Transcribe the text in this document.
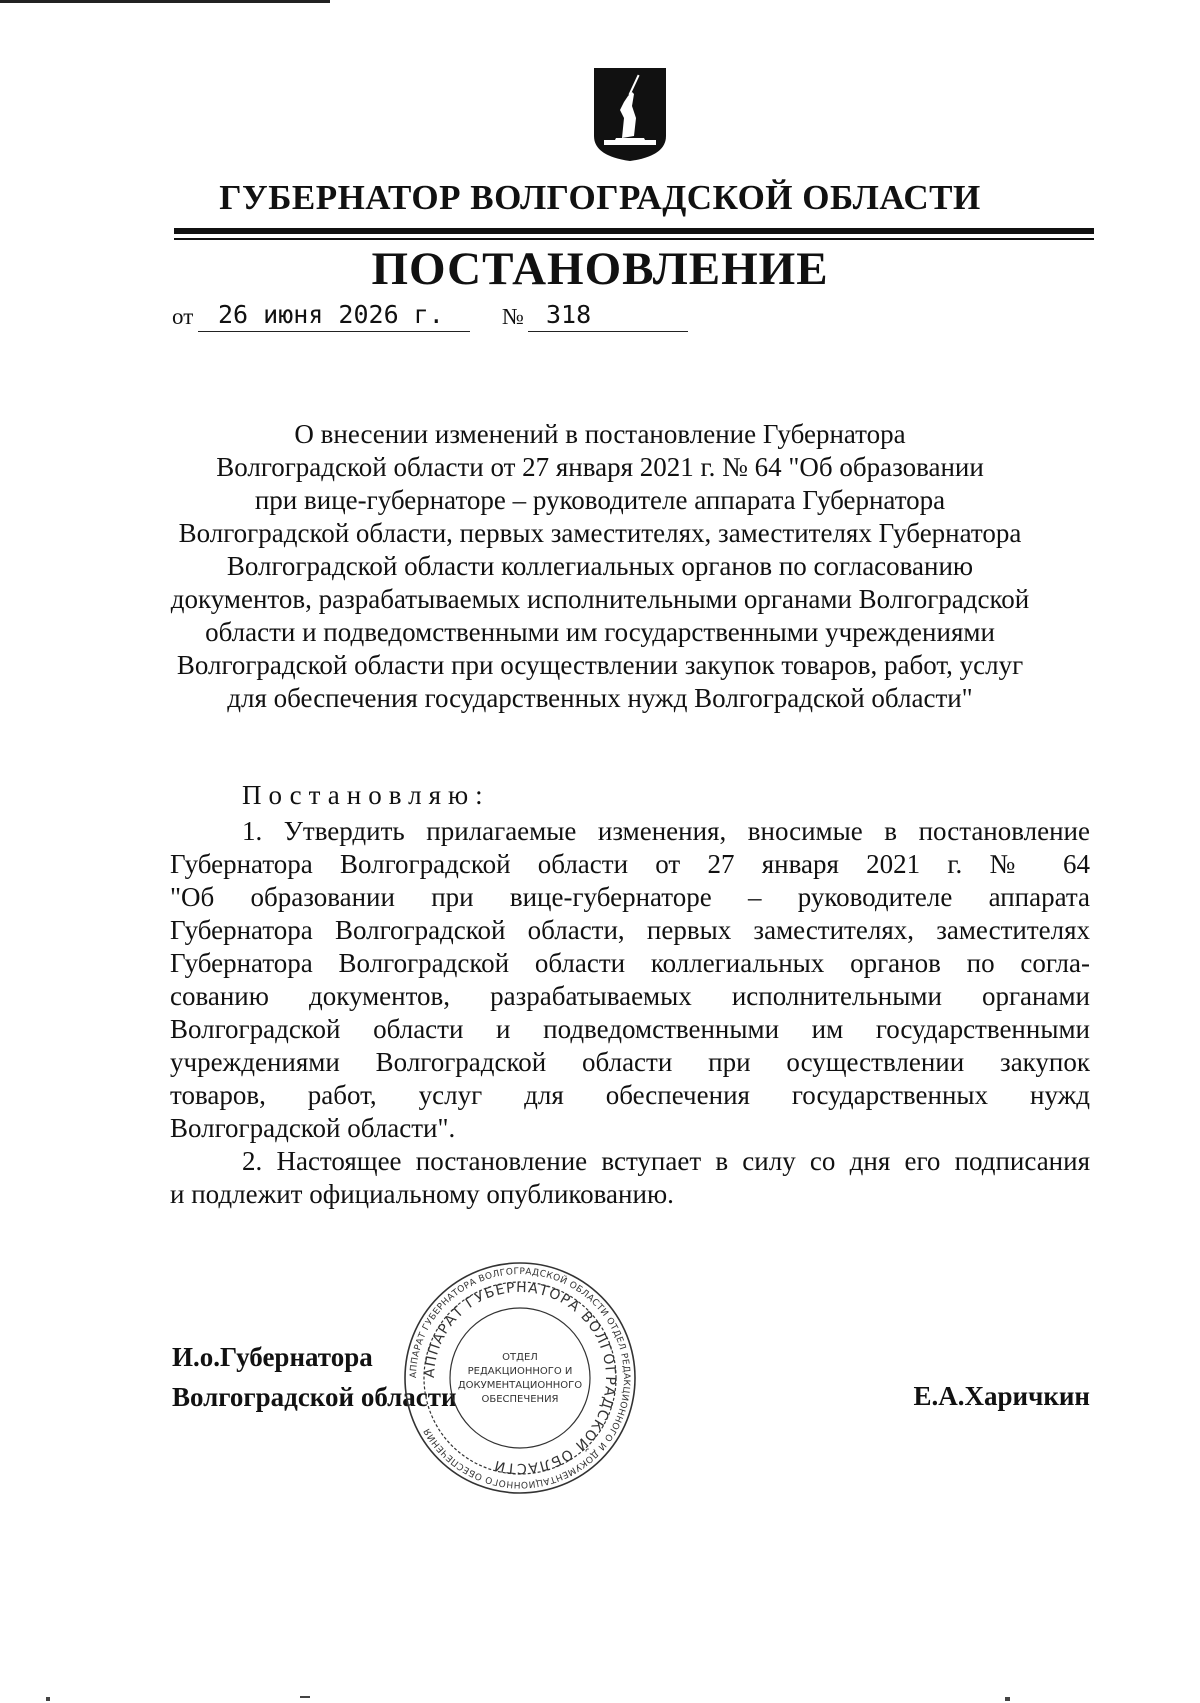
ГУБЕРНАТОР ВОЛГОГРАДСКОЙ ОБЛАСТИ
ПОСТАНОВЛЕНИЕ
от 26 июня 2026 г.	№ 318
О внесении изменений в постановление Губернатора
Волгоградской области от 27 января 2021 г. № 64 "Об образовании
при вице-губернаторе – руководителе аппарата Губернатора
Волгоградской области, первых заместителях, заместителях Губернатора
Волгоградской области коллегиальных органов по согласованию
документов, разрабатываемых исполнительными органами Волгоградской
области и подведомственными им государственными учреждениями
Волгоградской области при осуществлении закупок товаров, работ, услуг
для обеспечения государственных нужд Волгоградской области"
Постановляю:
1. Утвердить прилагаемые изменения, вносимые в постановление
Губернатора Волгоградской области от 27 января 2021 г. № 64
"Об образовании при вице-губернаторе – руководителе аппарата
Губернатора Волгоградской области, первых заместителях, заместителях
Губернатора Волгоградской области коллегиальных органов по согла-
сованию документов, разрабатываемых исполнительными органами
Волгоградской области и подведомственными им государственными
учреждениями Волгоградской области при осуществлении закупок
товаров, работ, услуг для обеспечения государственных нужд
Волгоградской области".
2. Настоящее постановление вступает в силу со дня его подписания
и подлежит официальному опубликованию.
И.о.Губернатора
Волгоградской области	Е.А.Харичкин
АППАРАТ ГУБЕРНАТОРА ВОЛГОГРАДСКОЙ ОБЛАСТИ ОТДЕЛ РЕДАКЦИОННОГО И ДОКУМЕНТАЦИОННОГО ОБЕСПЕЧЕНИЯ
АППАРАТ ГУБЕРНАТОРА ВОЛГОГРАДСКОЙ ОБЛАСТИ
ОТДЕЛ
РЕДАКЦИОННОГО И
ДОКУМЕНТАЦИОННОГО
ОБЕСПЕЧЕНИЯ
